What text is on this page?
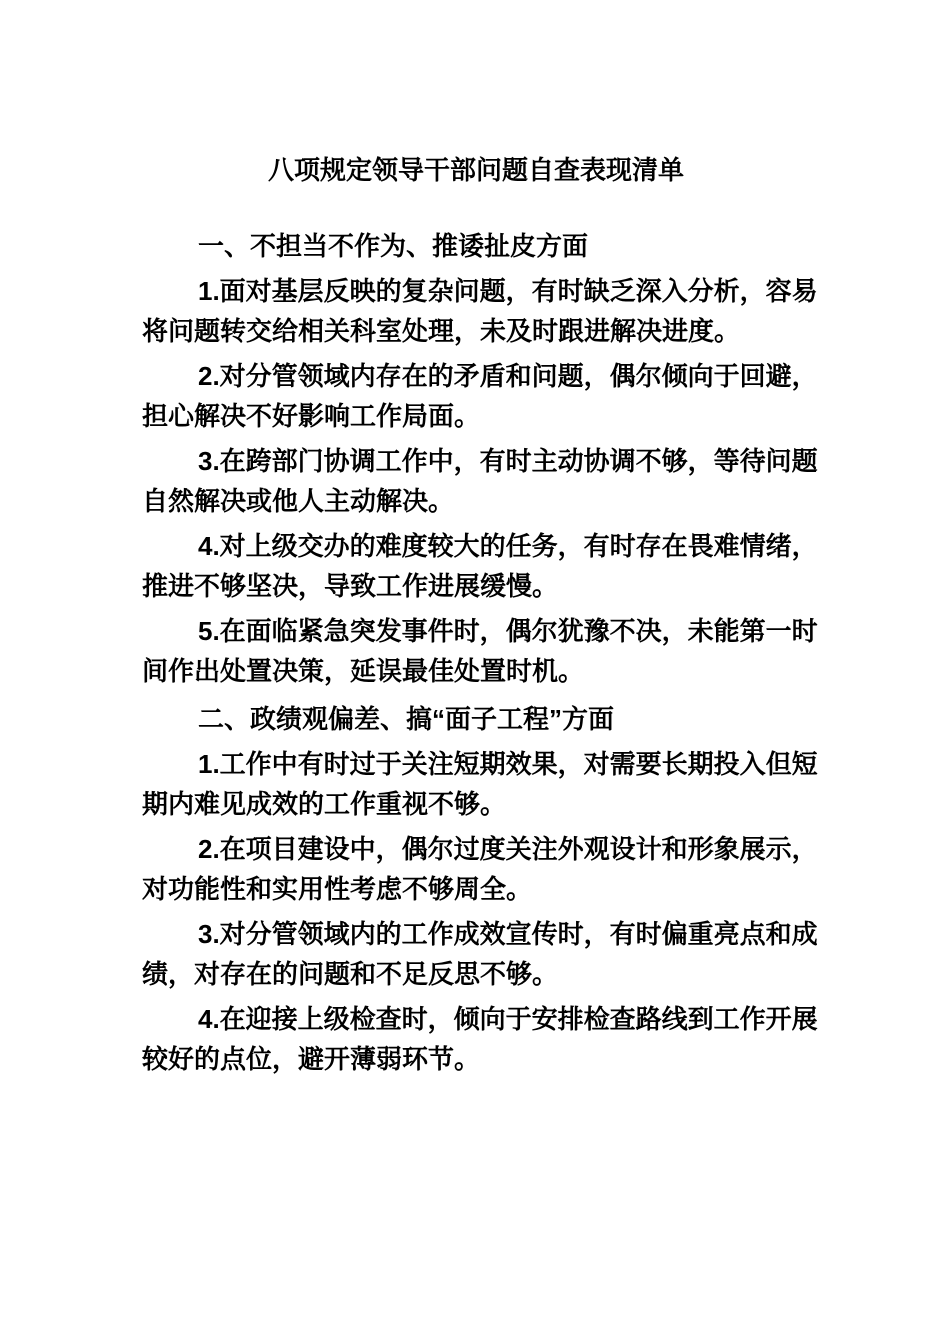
八项规定领导干部问题自查表现清单
一、不担当不作为、推诿扯皮方面
1.面对基层反映的复杂问题，有时缺乏深入分析，容易
将问题转交给相关科室处理，未及时跟进解决进度。
2.对分管领域内存在的矛盾和问题，偶尔倾向于回避，
担心解决不好影响工作局面。
3.在跨部门协调工作中，有时主动协调不够，等待问题
自然解决或他人主动解决。
4.对上级交办的难度较大的任务，有时存在畏难情绪，
推进不够坚决，导致工作进展缓慢。
5.在面临紧急突发事件时，偶尔犹豫不决，未能第一时
间作出处置决策，延误最佳处置时机。
二、政绩观偏差、搞“面子工程”方面
1.工作中有时过于关注短期效果，对需要长期投入但短
期内难见成效的工作重视不够。
2.在项目建设中，偶尔过度关注外观设计和形象展示，
对功能性和实用性考虑不够周全。
3.对分管领域内的工作成效宣传时，有时偏重亮点和成
绩，对存在的问题和不足反思不够。
4.在迎接上级检查时，倾向于安排检查路线到工作开展
较好的点位，避开薄弱环节。
